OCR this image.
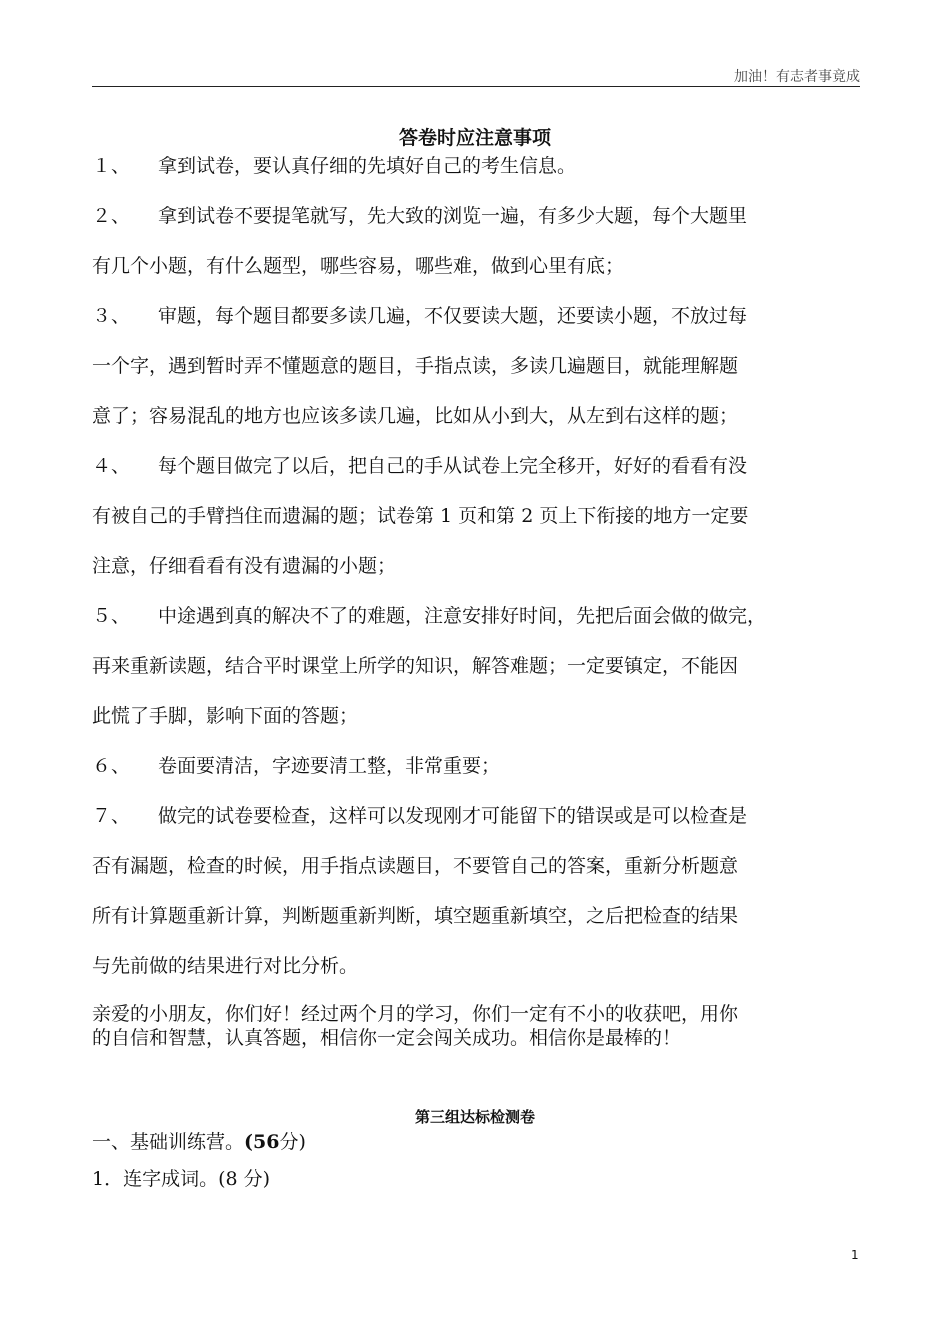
加油！有志者事竟成
答卷时应注意事项

１、 拿到试卷，要认真仔细的先填好自己的考生信息。

２、 拿到试卷不要提笔就写，先大致的浏览一遍，有多少大题，每个大题里

有几个小题，有什么题型，哪些容易，哪些难，做到心里有底；

３、 审题，每个题目都要多读几遍，不仅要读大题，还要读小题，不放过每

一个字，遇到暂时弄不懂题意的题目，手指点读，多读几遍题目，就能理解题

意了；容易混乱的地方也应该多读几遍，比如从小到大，从左到右这样的题；

４、 每个题目做完了以后，把自己的手从试卷上完全移开，好好的看看有没

有被自己的手臂挡住而遗漏的题；试卷第 1 页和第 2 页上下衔接的地方一定要

注意，仔细看看有没有遗漏的小题；

５、 中途遇到真的解决不了的难题，注意安排好时间，先把后面会做的做完，

再来重新读题，结合平时课堂上所学的知识，解答难题；一定要镇定，不能因

此慌了手脚，影响下面的答题；

６、 卷面要清洁，字迹要清工整，非常重要；

７、 做完的试卷要检查，这样可以发现刚才可能留下的错误或是可以检查是

否有漏题，检查的时候，用手指点读题目，不要管自己的答案，重新分析题意

所有计算题重新计算，判断题重新判断，填空题重新填空，之后把检查的结果

与先前做的结果进行对比分析。

亲爱的小朋友，你们好！经过两个月的学习，你们一定有不小的收获吧，用你
的自信和智慧，认真答题，相信你一定会闯关成功。相信你是最棒的！
第三组达标检测卷
一、基础训练营。(56分)
1．连字成词。(8 分)
1
